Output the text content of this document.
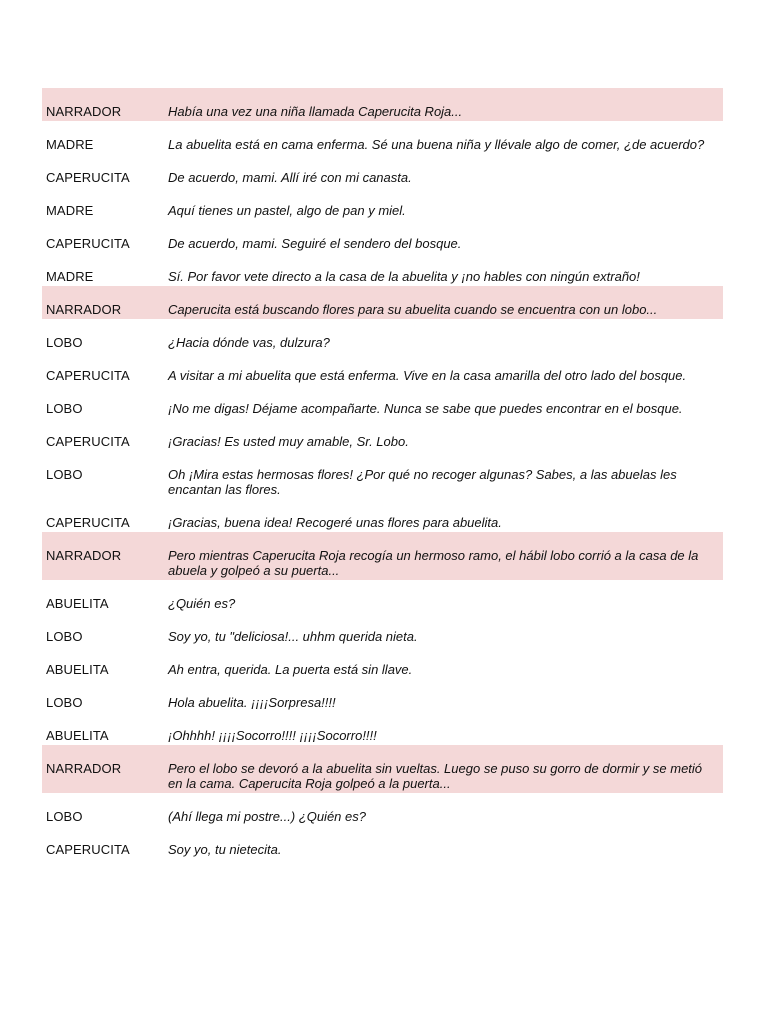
NARRADOR	Había una vez una niña llamada Caperucita Roja...
MADRE	La abuelita está en cama enferma. Sé una buena niña y llévale algo de comer, ¿de acuerdo?
CAPERUCITA	De acuerdo, mami. Allí iré con mi canasta.
MADRE	Aquí tienes un pastel, algo de pan y miel.
CAPERUCITA	De acuerdo, mami. Seguiré el sendero del bosque.
MADRE	Sí. Por favor vete directo a la casa de la abuelita y ¡no hables con ningún extraño!
NARRADOR	Caperucita está buscando flores para su abuelita cuando se encuentra con un lobo...
LOBO	¿Hacia dónde vas, dulzura?
CAPERUCITA	A visitar a mi abuelita que está enferma. Vive en la casa amarilla del otro lado del bosque.
LOBO	¡No me digas! Déjame acompañarte. Nunca se sabe que puedes encontrar en el bosque.
CAPERUCITA	¡Gracias! Es usted muy amable, Sr. Lobo.
LOBO	Oh ¡Mira estas hermosas flores! ¿Por qué no recoger algunas? Sabes, a las abuelas les encantan las flores.
CAPERUCITA	¡Gracias, buena idea! Recogeré unas flores para abuelita.
NARRADOR	Pero mientras Caperucita Roja recogía un hermoso ramo, el hábil lobo corrió a la casa de la abuela y golpeó a su puerta...
ABUELITA	¿Quién es?
LOBO	Soy yo, tu "deliciosa!... uhhm querida nieta.
ABUELITA	Ah entra, querida. La puerta está sin llave.
LOBO	Hola abuelita. ¡¡¡¡Sorpresa!!!!
ABUELITA	¡Ohhhh! ¡¡¡¡Socorro!!!! ¡¡¡¡Socorro!!!!
NARRADOR	Pero el lobo se devoró a la abuelita sin vueltas. Luego se puso su gorro de dormir y se metió en la cama. Caperucita Roja golpeó a la puerta...
LOBO	(Ahí llega mi postre...) ¿Quién es?
CAPERUCITA	Soy yo, tu nietecita.
